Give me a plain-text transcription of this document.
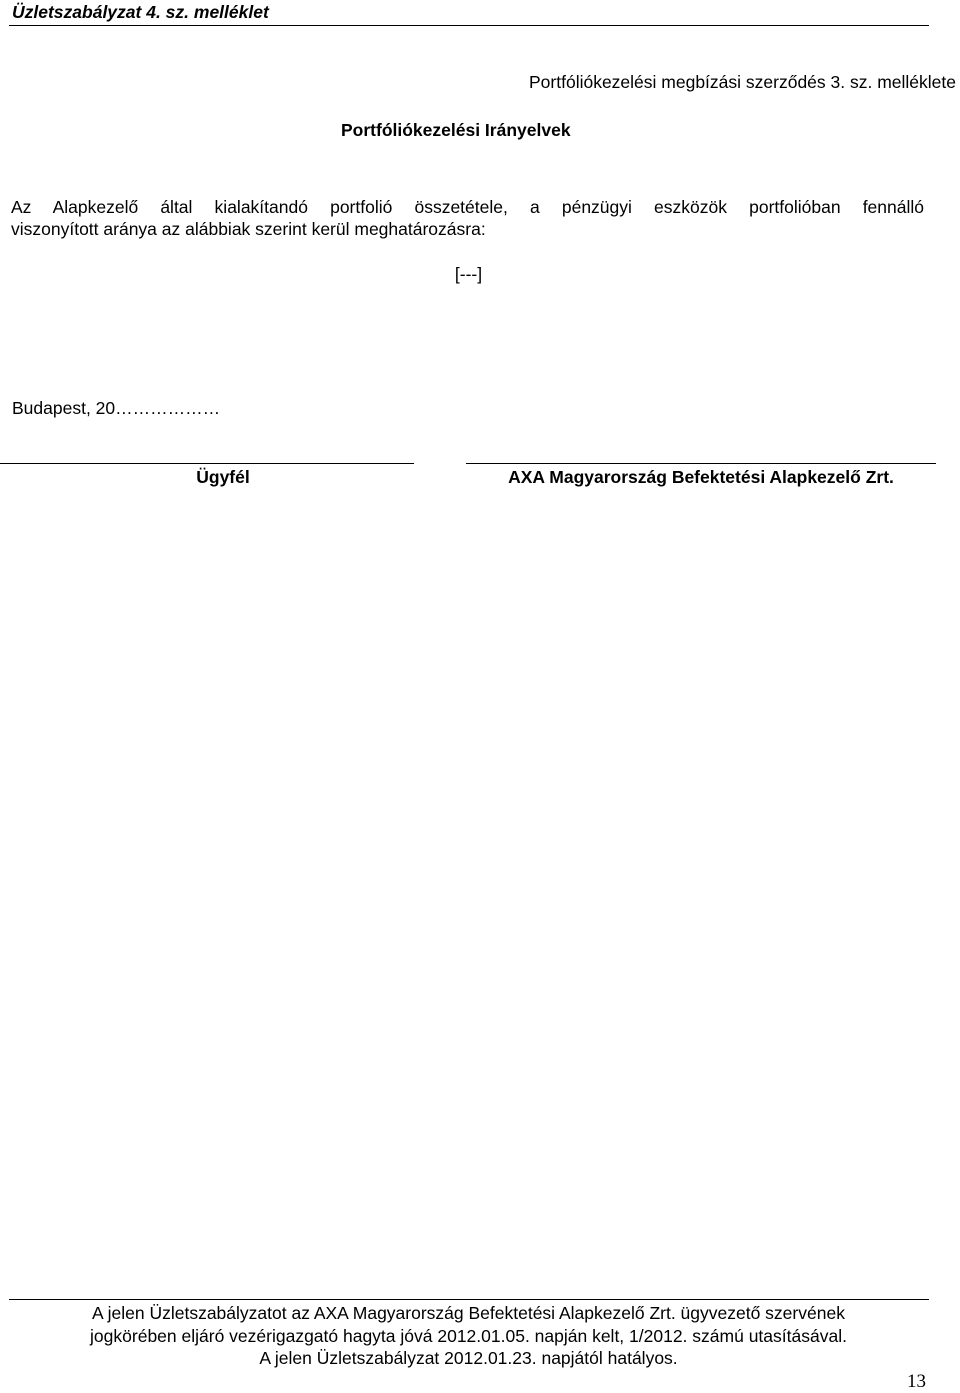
Üzletszabályzat 4. sz. melléklet
Portfóliókezelési megbízási szerződés 3. sz. melléklete
Portfóliókezelési Irányelvek
Az Alapkezelő által kialakítandó portfolió összetétele, a pénzügyi eszközök portfolióban fennálló
viszonyított aránya az alábbiak szerint kerül meghatározásra:
[---]
Budapest, 20………………
Ügyfél	AXA Magyarország Befektetési Alapkezelő Zrt.
A jelen Üzletszabályzatot az AXA Magyarország Befektetési Alapkezelő Zrt. ügyvezető szervének
jogkörében eljáró vezérigazgató hagyta jóvá 2012.01.05. napján kelt, 1/2012. számú utasításával.
A jelen Üzletszabályzat 2012.01.23. napjától hatályos.
13
